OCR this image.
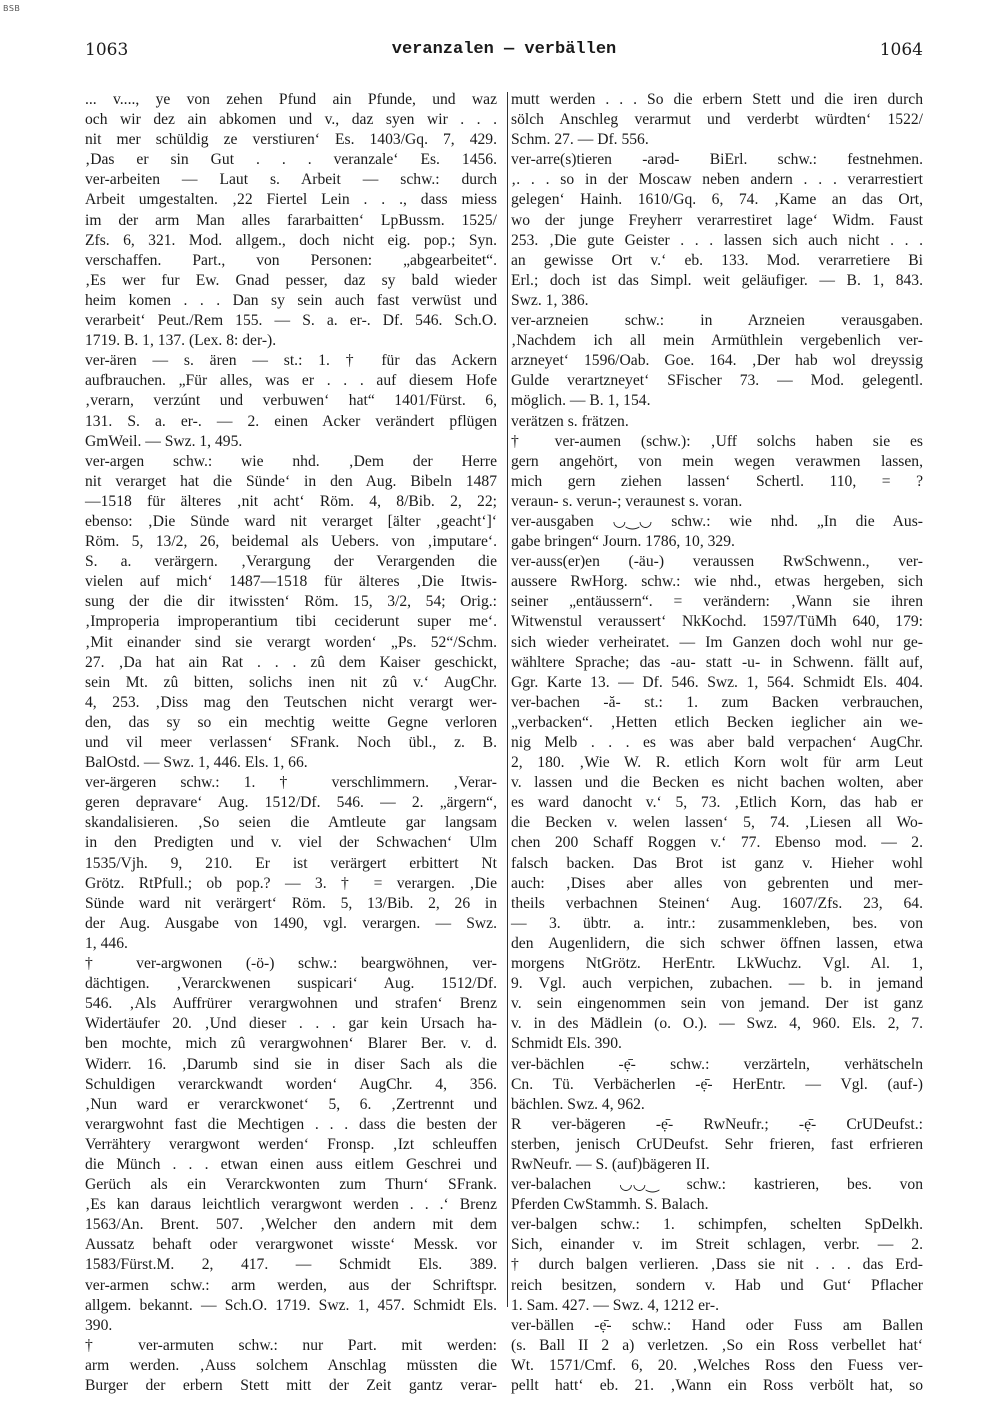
BSB
1063	veranzalen — verbällen	1064
... v...., ye von zehen Pfund ain Pfunde, und waz
och wir dez ain abkomen und v., daz syen wir . . .
nit mer schüldig ze verstiuren‘ Es. 1403/Gq. 7, 429.
‚Das er sin Gut . . . veranzale‘ Es. 1456.
ver-arbeiten — Laut s. Arbeit — schw.: durch
Arbeit umgestalten. ‚22 Fiertel Lein . . ., dass miess
im der arm Man alles fararbaitten‘ LpBussm. 1525/
Zfs. 6, 321. Mod. allgem., doch nicht eig. pop.; Syn.
verschaffen. Part., von Personen: „abgearbeitet“.
‚Es wer fur Ew. Gnad pesser, daz sy bald wieder
heim komen . . . Dan sy sein auch fast verwüst und
verarbeit‘ Peut./Rem 155. — S. a. er-. Df. 546. Sch.O.
1719. B. 1, 137. (Lex. 8: der-).
ver-ären — s. ären — st.: 1. † für das Ackern
aufbrauchen. „Für alles, was er . . . auf diesem Hofe
‚verarn, verzúnt und verbuwen‘ hat“ 1401/Fürst. 6,
131. S. a. er-. — 2. einen Acker verändert pflügen
GmWeil. — Swz. 1, 495.
ver-argen schw.: wie nhd. ‚Dem der Herre
nit verarget hat die Sünde‘ in den Aug. Bibeln 1487
—1518 für älteres ‚nit acht‘ Röm. 4, 8/Bib. 2, 22;
ebenso: ‚Die Sünde ward nit verarget [älter ‚geacht‘]‘
Röm. 5, 13/2, 26, beidemal als Uebers. von ‚imputare‘.
S. a. verärgern. ‚Verargung der Verargenden die
vielen auf mich‘ 1487—1518 für älteres ‚Die Itwis-
sung der die dir itwissten‘ Röm. 15, 3/2, 54; Orig.:
‚Improperia improperantium tibi ceciderunt super me‘.
‚Mit einander sind sie verargt worden‘ „Ps. 52“/Schm.
27. ‚Da hat ain Rat . . . zû dem Kaiser geschickt,
sein Mt. zû bitten, solichs inen nit zû v.‘ AugChr.
4, 253. ‚Diss mag den Teutschen nicht verargt wer-
den, das sy so ein mechtig weitte Gegne verloren
und vil meer verlassen‘ SFrank. Noch übl., z. B.
BalOstd. — Swz. 1, 446. Els. 1, 66.
ver-ärgeren schw.: 1. † verschlimmern. ‚Verar-
geren depravare‘ Aug. 1512/Df. 546. — 2. „ärgern“,
skandalisieren. ‚So seien die Amtleute gar langsam
in den Predigten und v. viel der Schwachen‘ Ulm
1535/Vjh. 9, 210. Er ist verärgert erbittert Nt
Grötz. RtPfull.; ob pop.? — 3. † = verargen. ‚Die
Sünde ward nit verärgert‘ Röm. 5, 13/Bib. 2, 26 in
der Aug. Ausgabe von 1490, vgl. verargen. — Swz.
1, 446.
† ver-argwonen (-ö-) schw.: beargwöhnen, ver-
dächtigen. ‚Verarckwenen suspicari‘ Aug. 1512/Df.
546. ‚Als Auffrürer verargwohnen und strafen‘ Brenz
Widertäufer 20. ‚Und dieser . . . gar kein Ursach ha-
ben mochte, mich zû verargwohnen‘ Blarer Ber. v. d.
Widerr. 16. ‚Darumb sind sie in diser Sach als die
Schuldigen verarckwandt worden‘ AugChr. 4, 356.
‚Nun ward er verarckwonet‘ 5, 6. ‚Zertrennt und
verargwohnt fast die Mechtigen . . . dass die besten der
Verrähtery verargwont werden‘ Fronsp. ‚Izt schleuffen
die Münch . . . etwan einen auss eitlem Geschrei und
Gerüch als ein Verarckwonten zum Thurn‘ SFrank.
‚Es kan daraus leichtlich verargwont werden . . .‘ Brenz
1563/An. Brent. 507. ‚Welcher den andern mit dem
Aussatz behaft oder verargwonet wisste‘ Messk. vor
1583/Fürst.M. 2, 417. — Schmidt Els. 389.
ver-armen schw.: arm werden, aus der Schriftspr.
allgem. bekannt. — Sch.O. 1719. Swz. 1, 457. Schmidt Els.
390.
† ver-armuten schw.: nur Part. mit werden:
arm werden. ‚Auss solchem Anschlag müssten die
Burger der erbern Stett mitt der Zeit gantz verar-
mutt werden . . . So die erbern Stett und die iren durch
sölch Anschleg verarmut und verderbt würdten‘ 1522/
Schm. 27. — Df. 556.
ver-arre(s)tieren -arəd- BiErl. schw.: festnehmen.
‚. . . so in der Moscaw neben andern . . . verarrestiert
gelegen‘ Hainh. 1610/Gq. 6, 74. ‚Kame an das Ort,
wo der junge Freyherr verarrestiret lage‘ Widm. Faust
253. ‚Die gute Geister . . . lassen sich auch nicht . . .
an gewisse Ort v.‘ eb. 133. Mod. verarretiere Bi
Erl.; doch ist das Simpl. weit geläufiger. — B. 1, 843.
Swz. 1, 386.
ver-arzneien schw.: in Arzneien verausgaben.
‚Nachdem ich all mein Armüthlein vergebenlich ver-
arzneyet‘ 1596/Oab. Goe. 164. ‚Der hab wol dreyssig
Gulde verartzneyet‘ SFischer 73. — Mod. gelegentl.
möglich. — B. 1, 154.
verätzen s. frätzen.
† ver-aumen (schw.): ‚Uff solchs haben sie es
gern angehört, von mein wegen verawmen lassen,
mich gern ziehen lassen‘ Schertl. 110, = ?
veraun- s. verun-; veraunest s. voran.
ver-ausgaben ◡‿◡ schw.: wie nhd. „In die Aus-
gabe bringen“ Journ. 1786, 10, 329.
ver-auss(er)en (-äu-) veraussen RwSchwenn., ver-
aussere RwHorg. schw.: wie nhd., etwas hergeben, sich
seiner „entäussern“. = verändern: ‚Wann sie ihren
Witwenstul veraussert‘ NkKochd. 1597/TüMh 640, 179:
sich wieder verheiratet. — Im Ganzen doch wohl nur ge-
wähltere Sprache; das -au- statt -u- in Schwenn. fällt auf,
Ggr. Karte 13. — Df. 546. Swz. 1, 564. Schmidt Els. 404.
ver-bachen -ă- st.: 1. zum Backen verbrauchen,
„verbacken“. ‚Hetten etlich Becken ieglicher ain we-
nig Melb . . . es was aber bald verpachen‘ AugChr.
2, 180. ‚Wie W. R. etlich Korn wolt für arm Leut
v. lassen und die Becken es nicht bachen wolten, aber
es ward danocht v.‘ 5, 73. ‚Etlich Korn, das hab er
die Becken v. welen lassen‘ 5, 74. ‚Liesen all Wo-
chen 200 Schaff Roggen v.‘ 77. Ebenso mod. — 2.
falsch backen. Das Brot ist ganz v. Hieher wohl
auch: ‚Dises aber alles von gebrenten und mer-
theils verbachnen Steinen‘ Aug. 1607/Zfs. 23, 64.
— 3. übtr. a. intr.: zusammenkleben, bes. von
den Augenlidern, die sich schwer öffnen lassen, etwa
morgens NtGrötz. HerEntr. LkWuchz. Vgl. Al. 1,
9. Vgl. auch verpichen, zubachen. — b. in jemand
v. sein eingenommen sein von jemand. Der ist ganz
v. in des Mädlein (o. O.). — Swz. 4, 960. Els. 2, 7.
Schmidt Els. 390.
ver-bächlen -ẹ̄- schw.: verzärteln, verhätscheln
Cn. Tü. Verbächerlen -ẹ̄- HerEntr. — Vgl. (auf-)
bächlen. Swz. 4, 962.
R ver-bägeren -ẹ̄- RwNeufr.; -ẹ̄- CrUDeufst.:
sterben, jenisch CrUDeufst. Sehr frieren, fast erfrieren
RwNeufr. — S. (auf)bägeren II.
ver-balachen ◡◡‿ schw.: kastrieren, bes. von
Pferden CwStammh. S. Balach.
ver-balgen schw.: 1. schimpfen, schelten SpDelkh.
Sich, einander v. im Streit schlagen, verbr. — 2.
† durch balgen verlieren. ‚Dass sie nit . . . das Erd-
reich besitzen, sondern v. Hab und Gut‘ Pflacher
1. Sam. 427. — Swz. 4, 1212 er-.
ver-bällen -ẹ̄- schw.: Hand oder Fuss am Ballen
(s. Ball II 2 a) verletzen. ‚So ein Ross verbellet hat‘
Wt. 1571/Cmf. 6, 20. ‚Welches Ross den Fuess ver-
pellt hatt‘ eb. 21. ‚Wann ein Ross verbölt hat, so
